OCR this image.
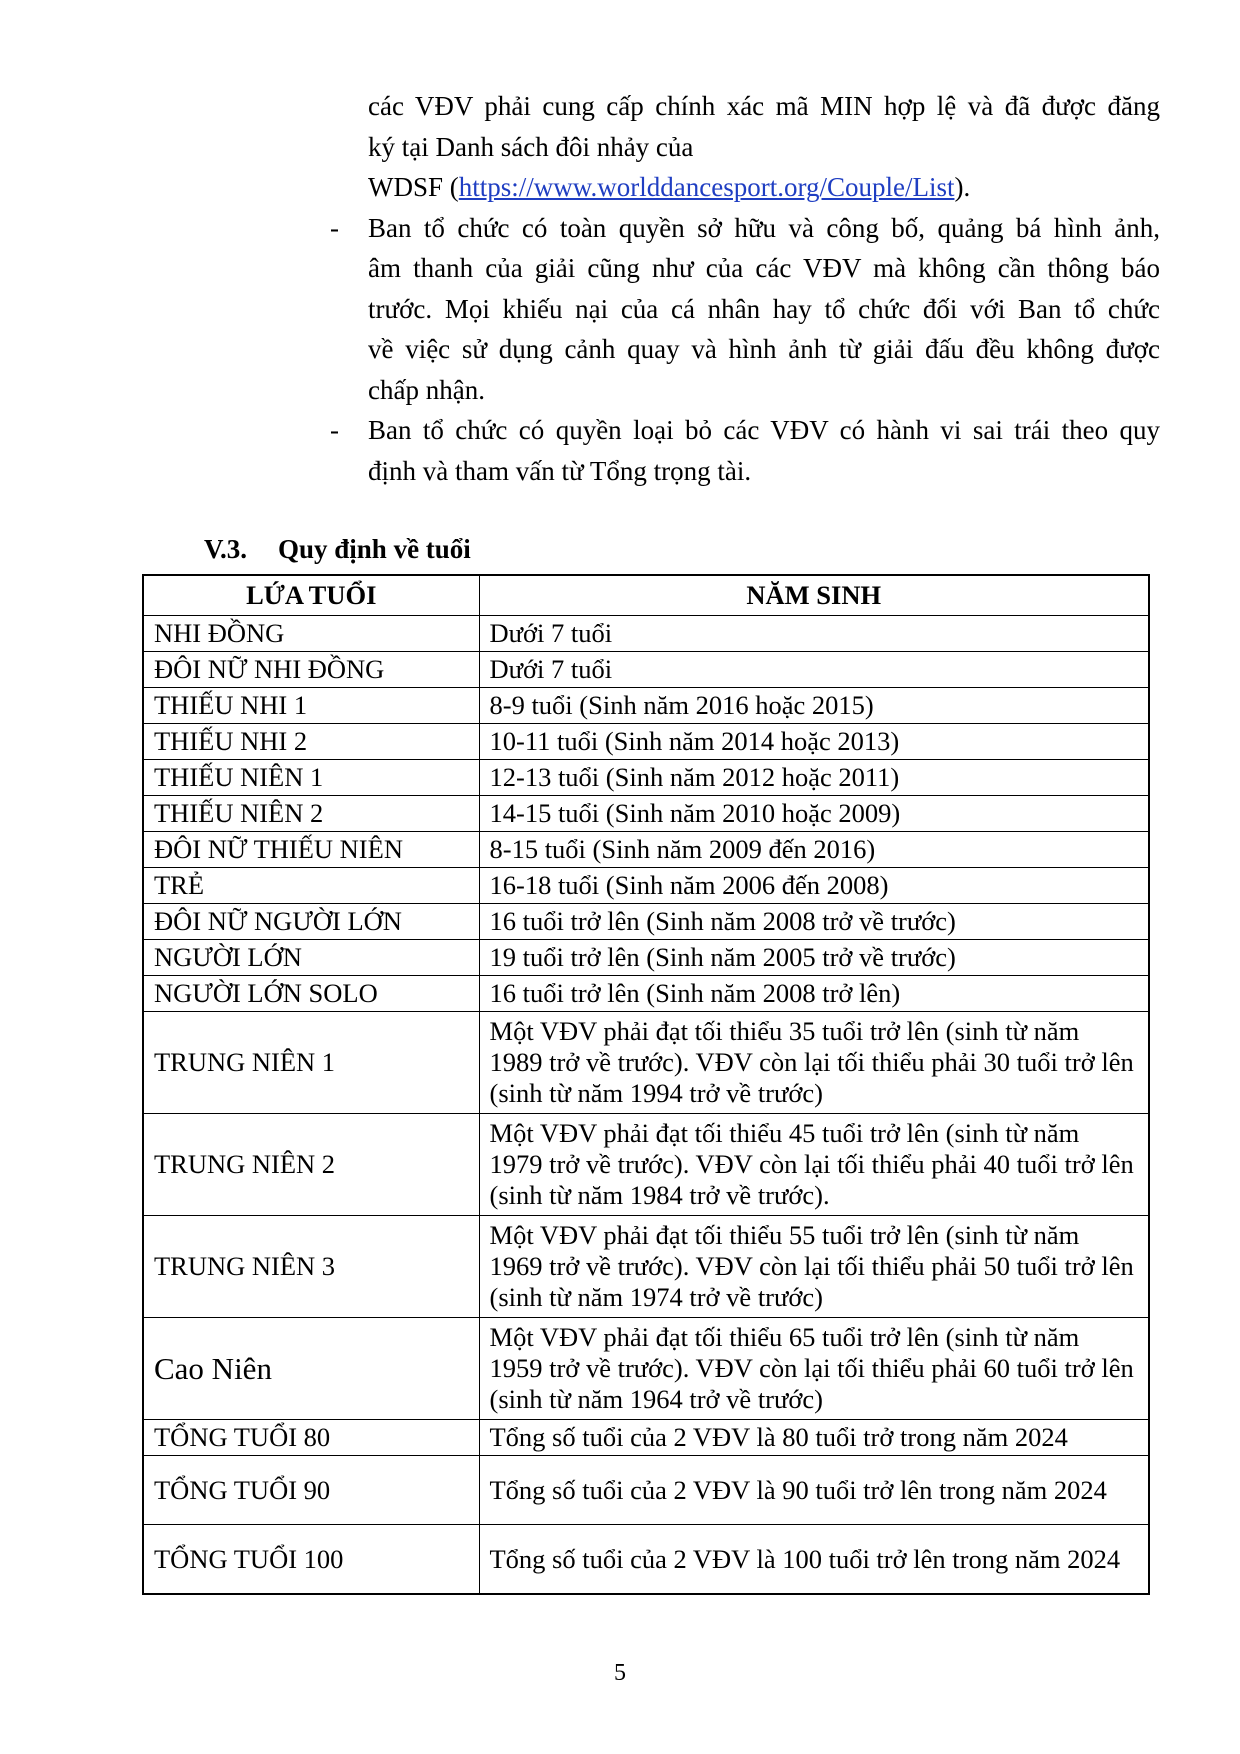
các VĐV phải cung cấp chính xác mã MIN hợp lệ và đã được đăng
ký tại Danh sách đôi nhảy của
WDSF (https://www.worlddancesport.org/Couple/List).
- Ban tổ chức có toàn quyền sở hữu và công bố, quảng bá hình ảnh,
âm thanh của giải cũng như của các VĐV mà không cần thông báo
trước. Mọi khiếu nại của cá nhân hay tổ chức đối với Ban tổ chức
về việc sử dụng cảnh quay và hình ảnh từ giải đấu đều không được
chấp nhận.
- Ban tổ chức có quyền loại bỏ các VĐV có hành vi sai trái theo quy
định và tham vấn từ Tổng trọng tài.
V.3. Quy định về tuổi
LỨA TUỔI	NĂM SINH
NHI ĐỒNG	Dưới 7 tuổi
ĐÔI NỮ NHI ĐỒNG	Dưới 7 tuổi
THIẾU NHI 1	8-9 tuổi (Sinh năm 2016 hoặc 2015)
THIẾU NHI 2	10-11 tuổi (Sinh năm 2014 hoặc 2013)
THIẾU NIÊN 1	12-13 tuổi (Sinh năm 2012 hoặc 2011)
THIẾU NIÊN 2	14-15 tuổi (Sinh năm 2010 hoặc 2009)
ĐÔI NỮ THIẾU NIÊN	8-15 tuổi (Sinh năm 2009 đến 2016)
TRẺ	16-18 tuổi (Sinh năm 2006 đến 2008)
ĐÔI NỮ NGƯỜI LỚN	16 tuổi trở lên (Sinh năm 2008 trở về trước)
NGƯỜI LỚN	19 tuổi trở lên (Sinh năm 2005 trở về trước)
NGƯỜI LỚN SOLO	16 tuổi trở lên (Sinh năm 2008 trở lên)
TRUNG NIÊN 1	Một VĐV phải đạt tối thiểu 35 tuổi trở lên (sinh từ năm 1989 trở về trước). VĐV còn lại tối thiểu phải 30 tuổi trở lên (sinh từ năm 1994 trở về trước)
TRUNG NIÊN 2	Một VĐV phải đạt tối thiểu 45 tuổi trở lên (sinh từ năm 1979 trở về trước). VĐV còn lại tối thiểu phải 40 tuổi trở lên (sinh từ năm 1984 trở về trước).
TRUNG NIÊN 3	Một VĐV phải đạt tối thiểu 55 tuổi trở lên (sinh từ năm 1969 trở về trước). VĐV còn lại tối thiểu phải 50 tuổi trở lên (sinh từ năm 1974 trở về trước)
Cao Niên	Một VĐV phải đạt tối thiểu 65 tuổi trở lên (sinh từ năm 1959 trở về trước). VĐV còn lại tối thiểu phải 60 tuổi trở lên (sinh từ năm 1964 trở về trước)
TỔNG TUỔI 80	Tổng số tuổi của 2 VĐV là 80 tuổi trở trong năm 2024
TỔNG TUỔI 90	Tổng số tuổi của 2 VĐV là 90 tuổi trở lên trong năm 2024
TỔNG TUỔI 100	Tổng số tuổi của 2 VĐV là 100 tuổi trở lên trong năm 2024
5
